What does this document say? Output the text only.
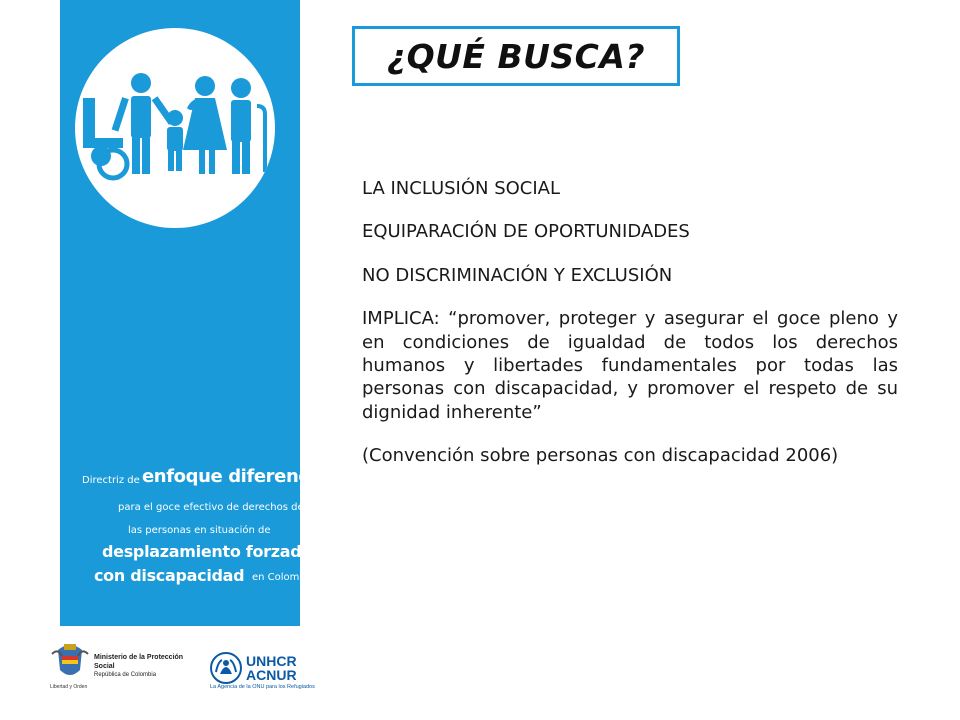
Directriz de enfoque diferencial
para el goce efectivo de derechos de
las personas en situación de
desplazamiento forzado
con discapacidad en Colombia
¿QUÉ BUSCA?

LA INCLUSIÓN SOCIAL

EQUIPARACIÓN DE OPORTUNIDADES

NO DISCRIMINACIÓN Y EXCLUSIÓN

IMPLICA: “promover, proteger y asegurar el goce pleno y en condiciones de igualdad de todos los derechos humanos y libertades fundamentales por todas las personas con discapacidad, y promover el respeto de su dignidad inherente”

(Convención sobre personas con discapacidad 2006)

Libertad y Orden
Ministerio de la Protección Social
República de Colombia
UNHCR
ACNUR
La Agencia de la ONU para los Refugiados
